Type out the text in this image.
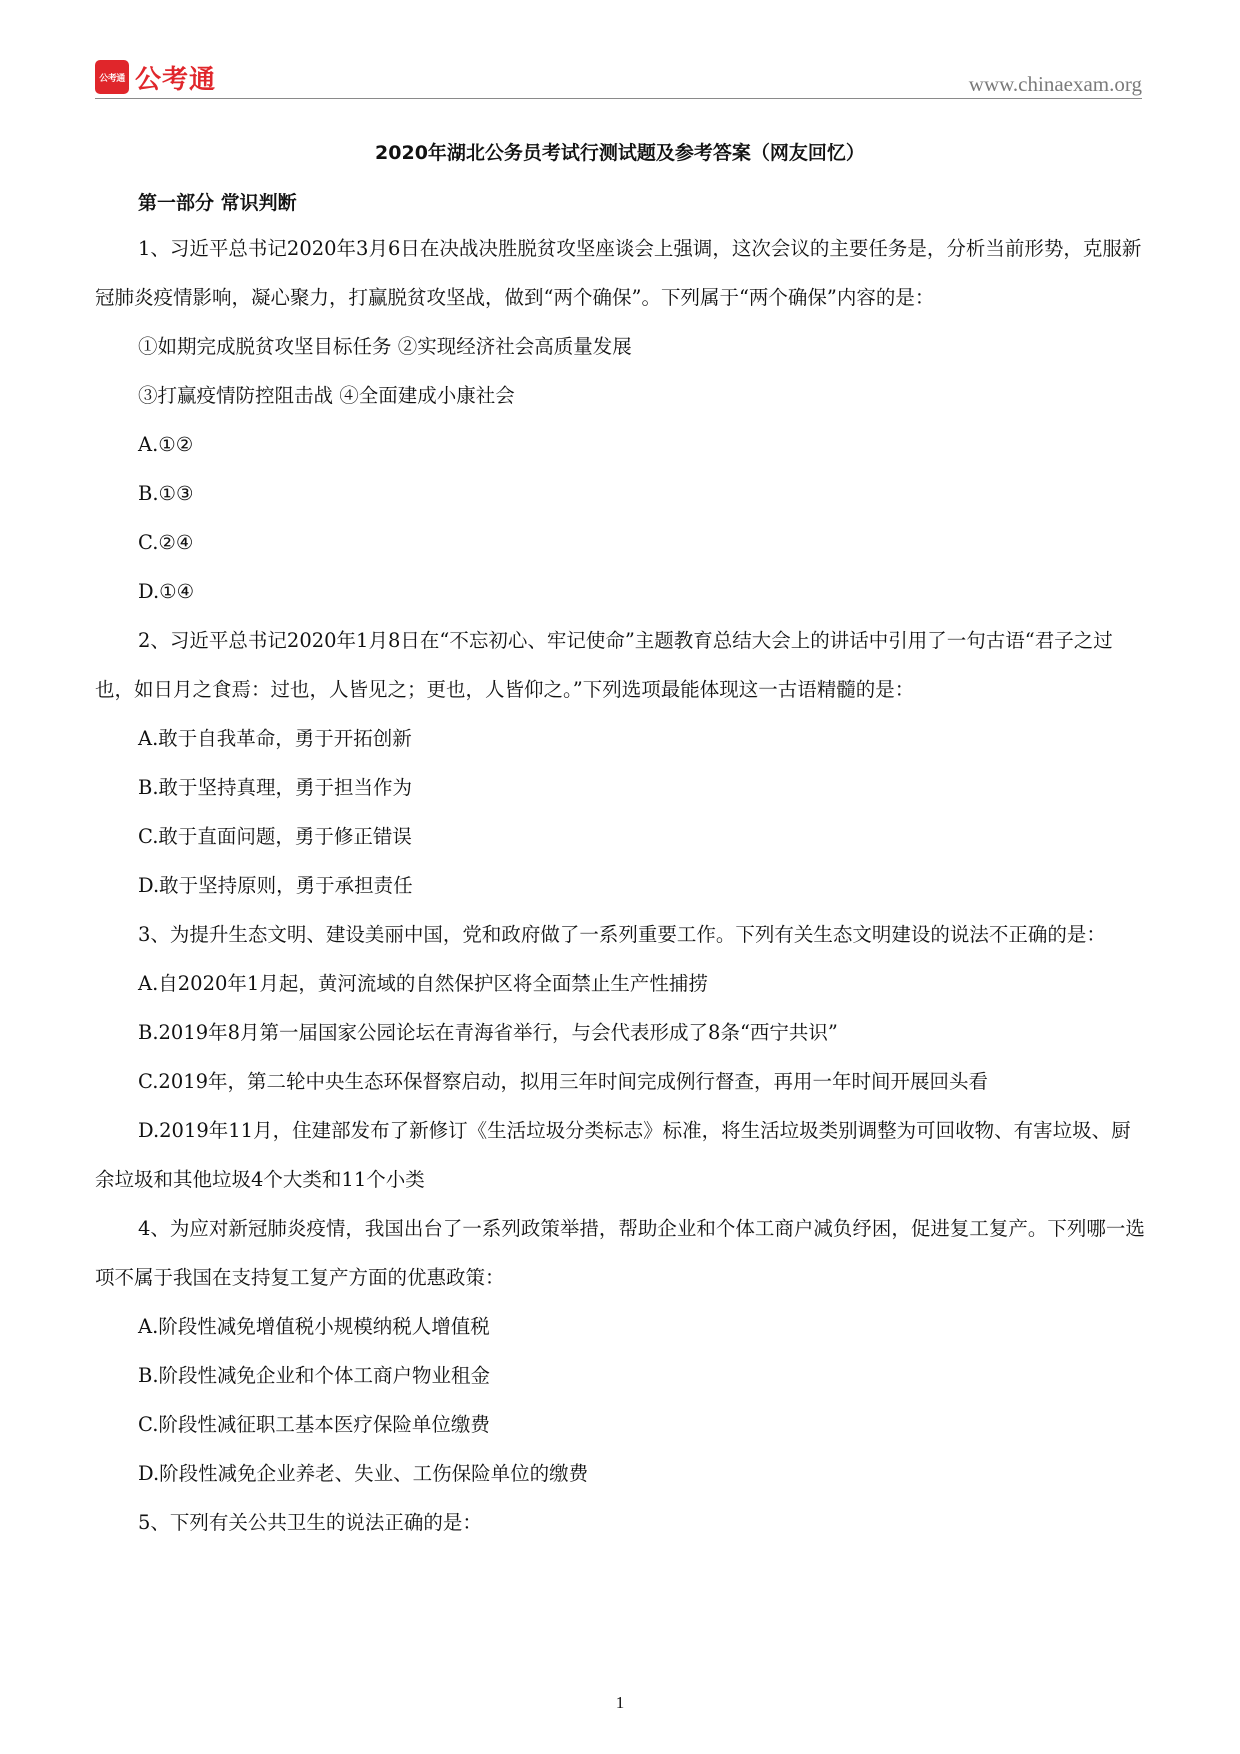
公考通 公考通	www.chinaexam.org
2020年湖北公务员考试行测试题及参考答案（网友回忆）
第一部分 常识判断

1、习近平总书记2020年3月6日在决战决胜脱贫攻坚座谈会上强调，这次会议的主要任务是，分析当前形势，克服新冠肺炎疫情影响，凝心聚力，打赢脱贫攻坚战，做到“两个确保”。下列属于“两个确保”内容的是：

①如期完成脱贫攻坚目标任务 ②实现经济社会高质量发展

③打赢疫情防控阻击战 ④全面建成小康社会

A.①②

B.①③

C.②④

D.①④

2、习近平总书记2020年1月8日在“不忘初心、牢记使命”主题教育总结大会上的讲话中引用了一句古语“君子之过也，如日月之食焉：过也，人皆见之；更也，人皆仰之。”下列选项最能体现这一古语精髓的是：

A.敢于自我革命，勇于开拓创新

B.敢于坚持真理，勇于担当作为

C.敢于直面问题，勇于修正错误

D.敢于坚持原则，勇于承担责任

3、为提升生态文明、建设美丽中国，党和政府做了一系列重要工作。下列有关生态文明建设的说法不正确的是：

A.自2020年1月起，黄河流域的自然保护区将全面禁止生产性捕捞

B.2019年8月第一届国家公园论坛在青海省举行，与会代表形成了8条“西宁共识”

C.2019年，第二轮中央生态环保督察启动，拟用三年时间完成例行督查，再用一年时间开展回头看

D.2019年11月，住建部发布了新修订《生活垃圾分类标志》标准，将生活垃圾类别调整为可回收物、有害垃圾、厨余垃圾和其他垃圾4个大类和11个小类

4、为应对新冠肺炎疫情，我国出台了一系列政策举措，帮助企业和个体工商户减负纾困，促进复工复产。下列哪一选项不属于我国在支持复工复产方面的优惠政策：

A.阶段性减免增值税小规模纳税人增值税

B.阶段性减免企业和个体工商户物业租金

C.阶段性减征职工基本医疗保险单位缴费

D.阶段性减免企业养老、失业、工伤保险单位的缴费

5、下列有关公共卫生的说法正确的是：

1
